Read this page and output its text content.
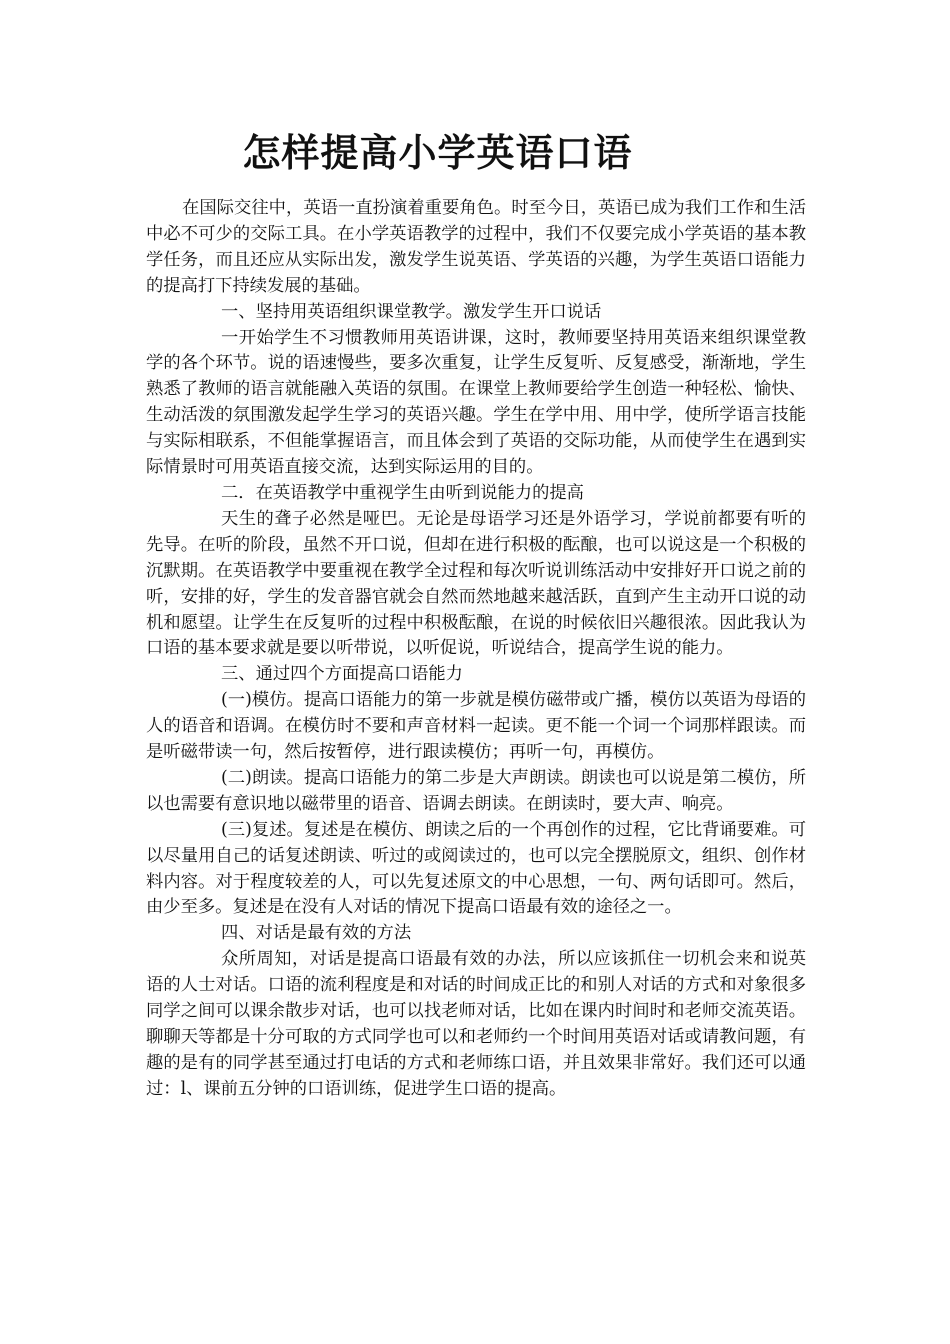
怎样提高小学英语口语

在国际交往中，英语一直扮演着重要角色。时至今日，英语已成为我们工作和生活中必不可少的交际工具。在小学英语教学的过程中，我们不仅要完成小学英语的基本教学任务，而且还应从实际出发，激发学生说英语、学英语的兴趣，为学生英语口语能力的提高打下持续发展的基础。

一、坚持用英语组织课堂教学。激发学生开口说话

一开始学生不习惯教师用英语讲课，这时，教师要坚持用英语来组织课堂教学的各个环节。说的语速慢些，要多次重复，让学生反复听、反复感受，渐渐地，学生熟悉了教师的语言就能融入英语的氛围。在课堂上教师要给学生创造一种轻松、愉快、生动活泼的氛围激发起学生学习的英语兴趣。学生在学中用、用中学，使所学语言技能与实际相联系，不但能掌握语言，而且体会到了英语的交际功能，从而使学生在遇到实际情景时可用英语直接交流，达到实际运用的目的。

二．在英语教学中重视学生由听到说能力的提高

天生的聋子必然是哑巴。无论是母语学习还是外语学习，学说前都要有听的先导。在听的阶段，虽然不开口说，但却在进行积极的酝酿，也可以说这是一个积极的沉默期。在英语教学中要重视在教学全过程和每次听说训练活动中安排好开口说之前的听，安排的好，学生的发音器官就会自然而然地越来越活跃，直到产生主动开口说的动机和愿望。让学生在反复听的过程中积极酝酿，在说的时候依旧兴趣很浓。因此我认为口语的基本要求就是要以听带说，以听促说，听说结合，提高学生说的能力。

三、通过四个方面提高口语能力

(一)模仿。提高口语能力的第一步就是模仿磁带或广播，模仿以英语为母语的人的语音和语调。在模仿时不要和声音材料一起读。更不能一个词一个词那样跟读。而是听磁带读一句，然后按暂停，进行跟读模仿；再听一句，再模仿。

(二)朗读。提高口语能力的第二步是大声朗读。朗读也可以说是第二模仿，所以也需要有意识地以磁带里的语音、语调去朗读。在朗读时，要大声、响亮。

(三)复述。复述是在模仿、朗读之后的一个再创作的过程，它比背诵要难。可以尽量用自己的话复述朗读、听过的或阅读过的，也可以完全摆脱原文，组织、创作材料内容。对于程度较差的人，可以先复述原文的中心思想，一句、两句话即可。然后，由少至多。复述是在没有人对话的情况下提高口语最有效的途径之一。

四、对话是最有效的方法

众所周知，对话是提高口语最有效的办法，所以应该抓住一切机会来和说英语的人士对话。口语的流利程度是和对话的时间成正比的和别人对话的方式和对象很多同学之间可以课余散步对话，也可以找老师对话，比如在课内时间时和老师交流英语。聊聊天等都是十分可取的方式同学也可以和老师约一个时间用英语对话或请教问题，有趣的是有的同学甚至通过打电话的方式和老师练口语，并且效果非常好。我们还可以通过：l、课前五分钟的口语训练，促进学生口语的提高。
